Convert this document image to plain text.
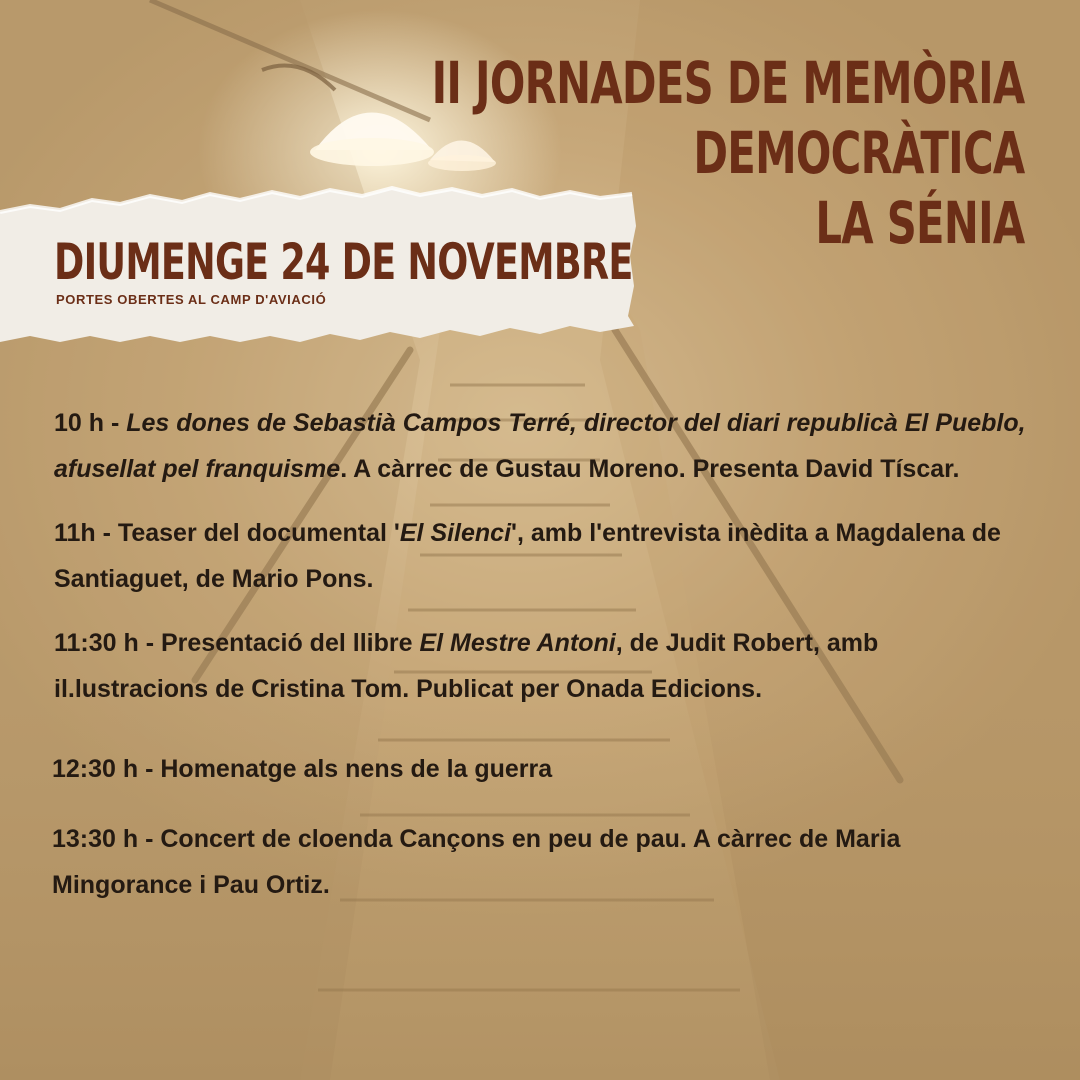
II JORNADES DE MEMÒRIA
DEMOCRÀTICA
LA SÉNIA
DIUMENGE 24 DE NOVEMBRE

PORTES OBERTES AL CAMP D'AVIACIÓ

10 h - Les dones de Sebastià Campos Terré, director del diari republicà El Pueblo, afusellat pel franquisme. A càrrec de Gustau Moreno. Presenta David Tíscar.

11h - Teaser del documental 'El Silenci', amb l'entrevista inèdita a Magdalena de Santiaguet, de Mario Pons.

11:30 h - Presentació del llibre El Mestre Antoni, de Judit Robert, amb il.lustracions de Cristina Tom. Publicat per Onada Edicions.

12:30 h - Homenatge als nens de la guerra

13:30 h - Concert de cloenda Cançons en peu de pau. A càrrec de Maria Mingorance i Pau Ortiz.
